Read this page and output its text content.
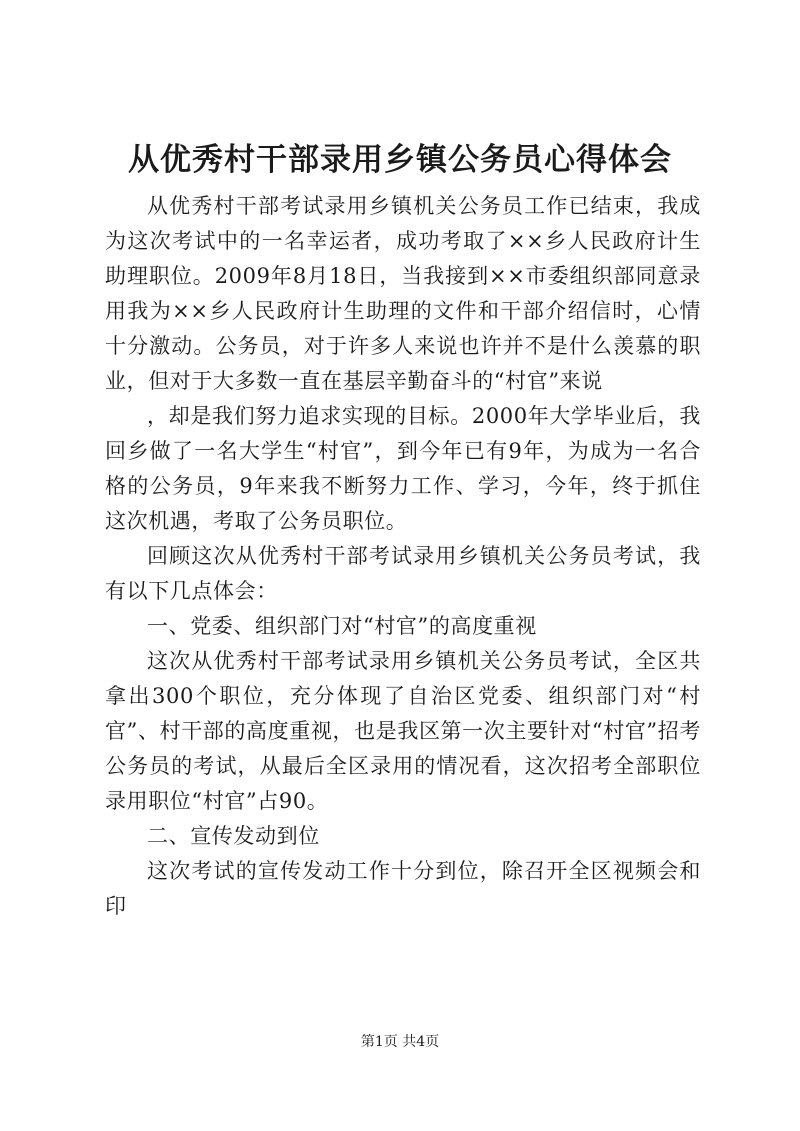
从优秀村干部录用乡镇公务员心得体会

从优秀村干部考试录用乡镇机关公务员工作已结束，我成为这次考试中的一名幸运者，成功考取了××乡人民政府计生助理职位。2009年8月18日，当我接到××市委组织部同意录用我为××乡人民政府计生助理的文件和干部介绍信时，心情十分激动。公务员，对于许多人来说也许并不是什么羡慕的职业，但对于大多数一直在基层辛勤奋斗的“村官”来说

，却是我们努力追求实现的目标。2000年大学毕业后，我回乡做了一名大学生“村官”，到今年已有9年，为成为一名合格的公务员，9年来我不断努力工作、学习，今年，终于抓住这次机遇，考取了公务员职位。

回顾这次从优秀村干部考试录用乡镇机关公务员考试，我有以下几点体会：

一、党委、组织部门对“村官”的高度重视

这次从优秀村干部考试录用乡镇机关公务员考试，全区共拿出300个职位，充分体现了自治区党委、组织部门对“村官”、村干部的高度重视，也是我区第一次主要针对“村官”招考公务员的考试，从最后全区录用的情况看，这次招考全部职位录用职位“村官”占90。

二、宣传发动到位

这次考试的宣传发动工作十分到位，除召开全区视频会和印

第1页 共4页
